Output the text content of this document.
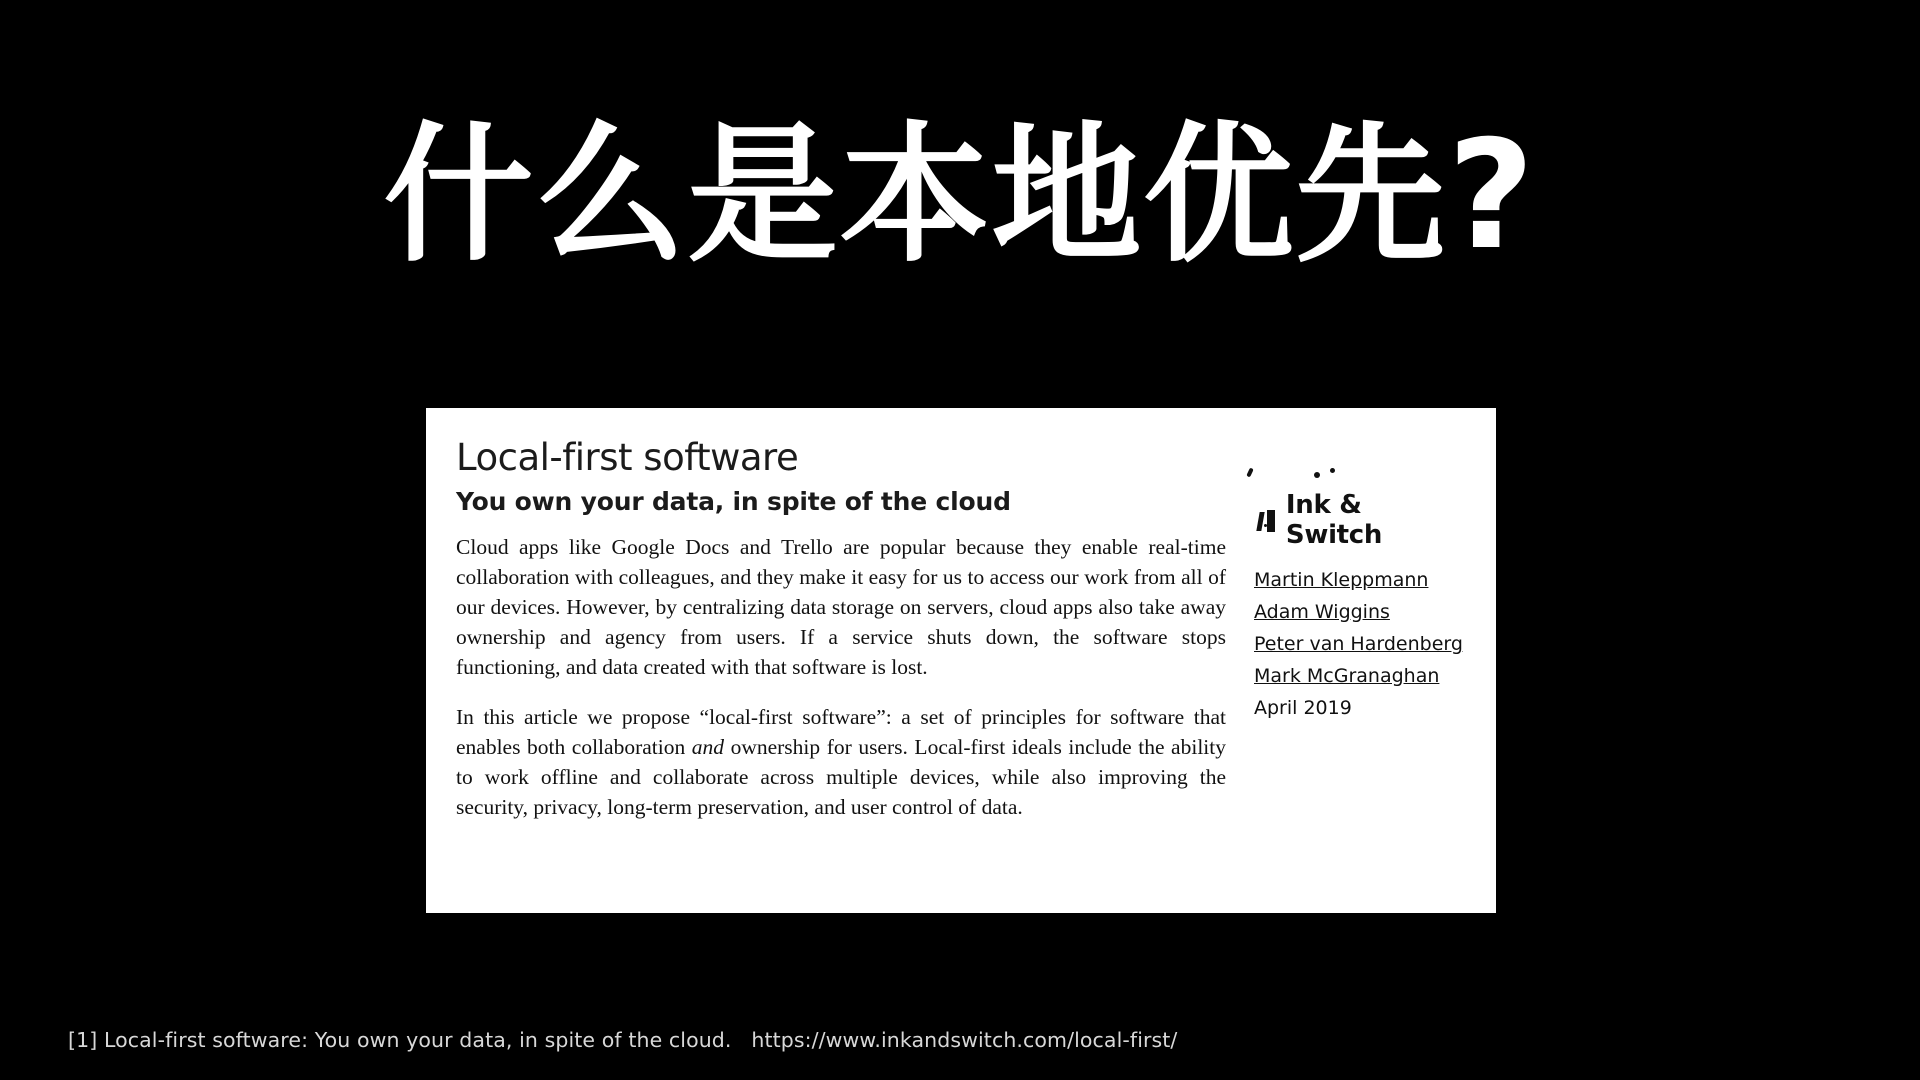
什么是本地优先?
Local-first software
You own your data, in spite of the cloud

Cloud apps like Google Docs and Trello are popular because they enable real-time collaboration with colleagues, and they make it easy for us to access our work from all of our devices. However, by centralizing data storage on servers, cloud apps also take away ownership and agency from users. If a service shuts down, the software stops functioning, and data created with that software is lost.

In this article we propose “local-first software”: a set of principles for software that enables both collaboration and ownership for users. Local-first ideals include the ability to work offline and collaborate across multiple devices, while also improving the security, privacy, long-term preservation, and user control of data.

Ink & Switch
Martin Kleppmann
Adam Wiggins
Peter van Hardenberg
Mark McGranaghan
April 2019
[1] Local-first software: You own your data, in spite of the cloud.   https://www.inkandswitch.com/local-first/
